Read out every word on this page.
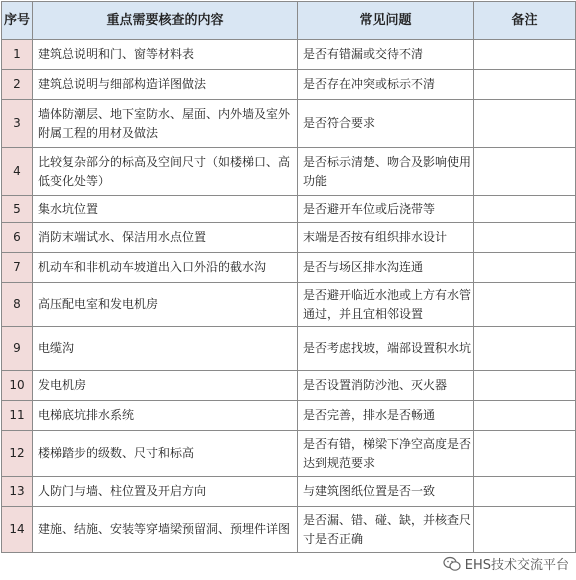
序号	重点需要核查的内容	常见问题	备注
1	建筑总说明和门、窗等材料表	是否有错漏或交待不清	
2	建筑总说明与细部构造详图做法	是否存在冲突或标示不清	
3	墙体防潮层、地下室防水、屋面、内外墙及室外附属工程的用材及做法	是否符合要求	
4	比较复杂部分的标高及空间尺寸（如楼梯口、高低变化处等）	是否标示清楚、吻合及影响使用功能	
5	集水坑位置	是否避开车位或后浇带等	
6	消防末端试水、保洁用水点位置	末端是否按有组织排水设计	
7	机动车和非机动车坡道出入口外沿的截水沟	是否与场区排水沟连通	
8	高压配电室和发电机房	是否避开临近水池或上方有水管通过，并且宜相邻设置	
9	电缆沟	是否考虑找坡，端部设置积水坑	
10	发电机房	是否设置消防沙池、灭火器	
11	电梯底坑排水系统	是否完善，排水是否畅通	
12	楼梯踏步的级数、尺寸和标高	是否有错，梯梁下净空高度是否达到规范要求	
13	人防门与墙、柱位置及开启方向	与建筑图纸位置是否一致	
14	建施、结施、安装等穿墙梁预留洞、预埋件详图	是否漏、错、碰、缺，并核查尺寸是否正确	
EHS技术交流平台
